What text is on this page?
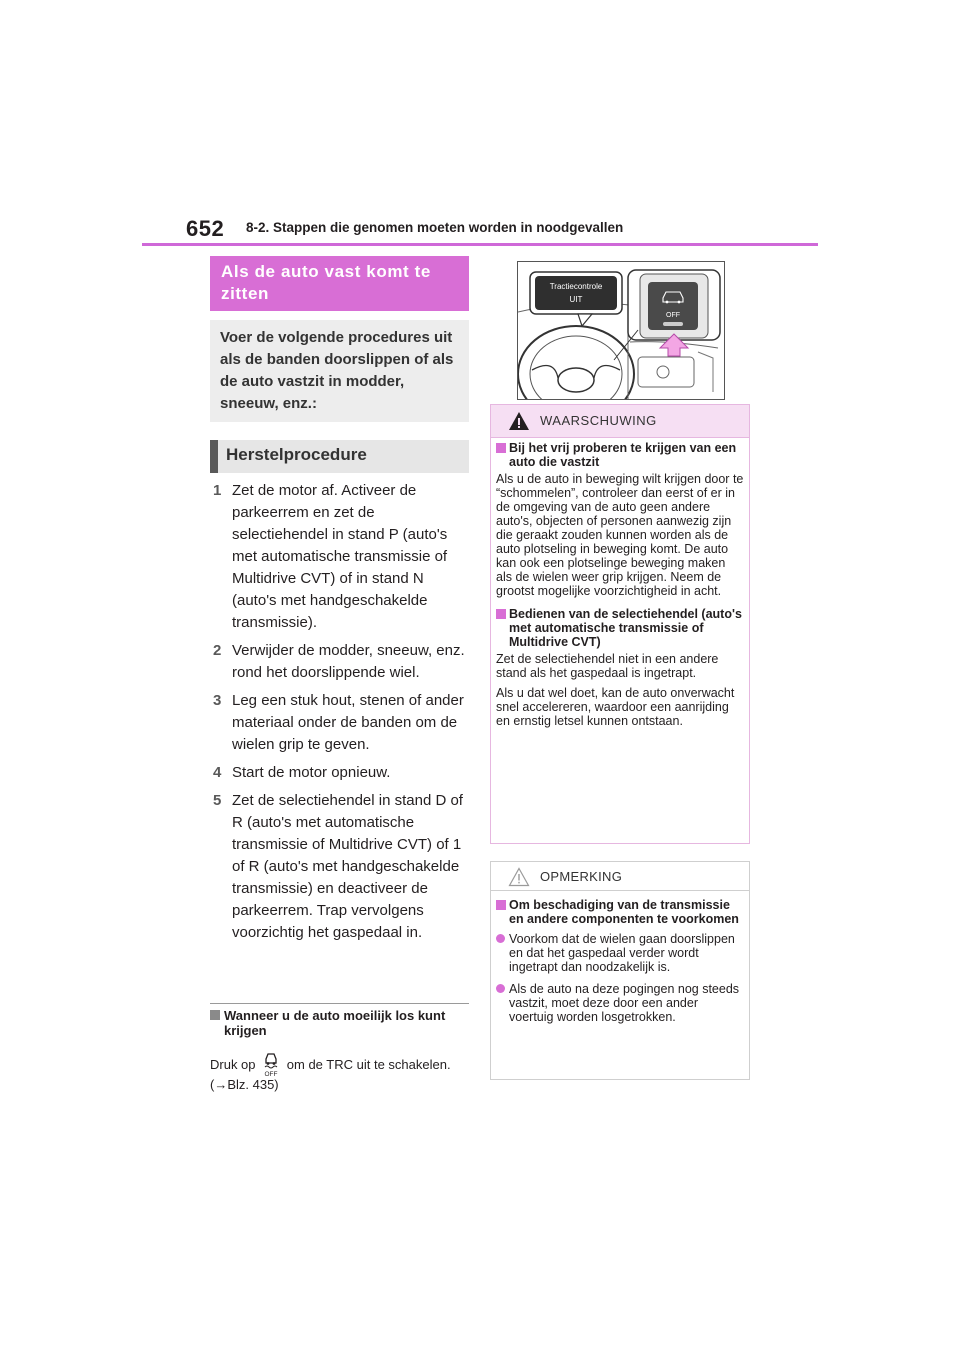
652 8-2. Stappen die genomen moeten worden in noodgevallen
Als de auto vast komt te zitten
Voer de volgende procedures uit als de banden doorslippen of als de auto vastzit in modder, sneeuw, enz.:
Herstelprocedure
1 Zet de motor af. Activeer de parkeerrem en zet de selectiehendel in stand P (auto's met automatische transmissie of Multidrive CVT) of in stand N (auto's met handgeschakelde transmissie).
2 Verwijder de modder, sneeuw, enz. rond het doorslippende wiel.
3 Leg een stuk hout, stenen of ander materiaal onder de banden om de wielen grip te geven.
4 Start de motor opnieuw.
5 Zet de selectiehendel in stand D of R (auto's met automatische transmissie of Multidrive CVT) of 1 of R (auto's met handgeschakelde transmissie) en deactiveer de parkeerrem. Trap vervolgens voorzichtig het gaspedaal in.
Wanneer u de auto moeilijk los kunt krijgen
Druk op
OFF
om de TRC uit te schakelen. (→Blz. 435)
Tractiecontrole
UIT
OFF
WAARSCHUWING
Bij het vrij proberen te krijgen van een auto die vastzit
Als u de auto in beweging wilt krijgen door te “schommelen”, controleer dan eerst of er in de omgeving van de auto geen andere auto's, objecten of personen aanwezig zijn die geraakt zouden kunnen worden als de auto plotseling in beweging komt. De auto kan ook een plotselinge beweging maken als de wielen weer grip krijgen. Neem de grootst mogelijke voorzichtigheid in acht.
Bedienen van de selectiehendel (auto's met automatische transmissie of Multidrive CVT)
Zet de selectiehendel niet in een andere stand als het gaspedaal is ingetrapt.
Als u dat wel doet, kan de auto onverwacht snel accelereren, waardoor een aanrijding en ernstig letsel kunnen ontstaan.
OPMERKING
Om beschadiging van de transmissie en andere componenten te voorkomen
Voorkom dat de wielen gaan doorslippen en dat het gaspedaal verder wordt ingetrapt dan noodzakelijk is.
Als de auto na deze pogingen nog steeds vastzit, moet deze door een ander voertuig worden losgetrokken.
